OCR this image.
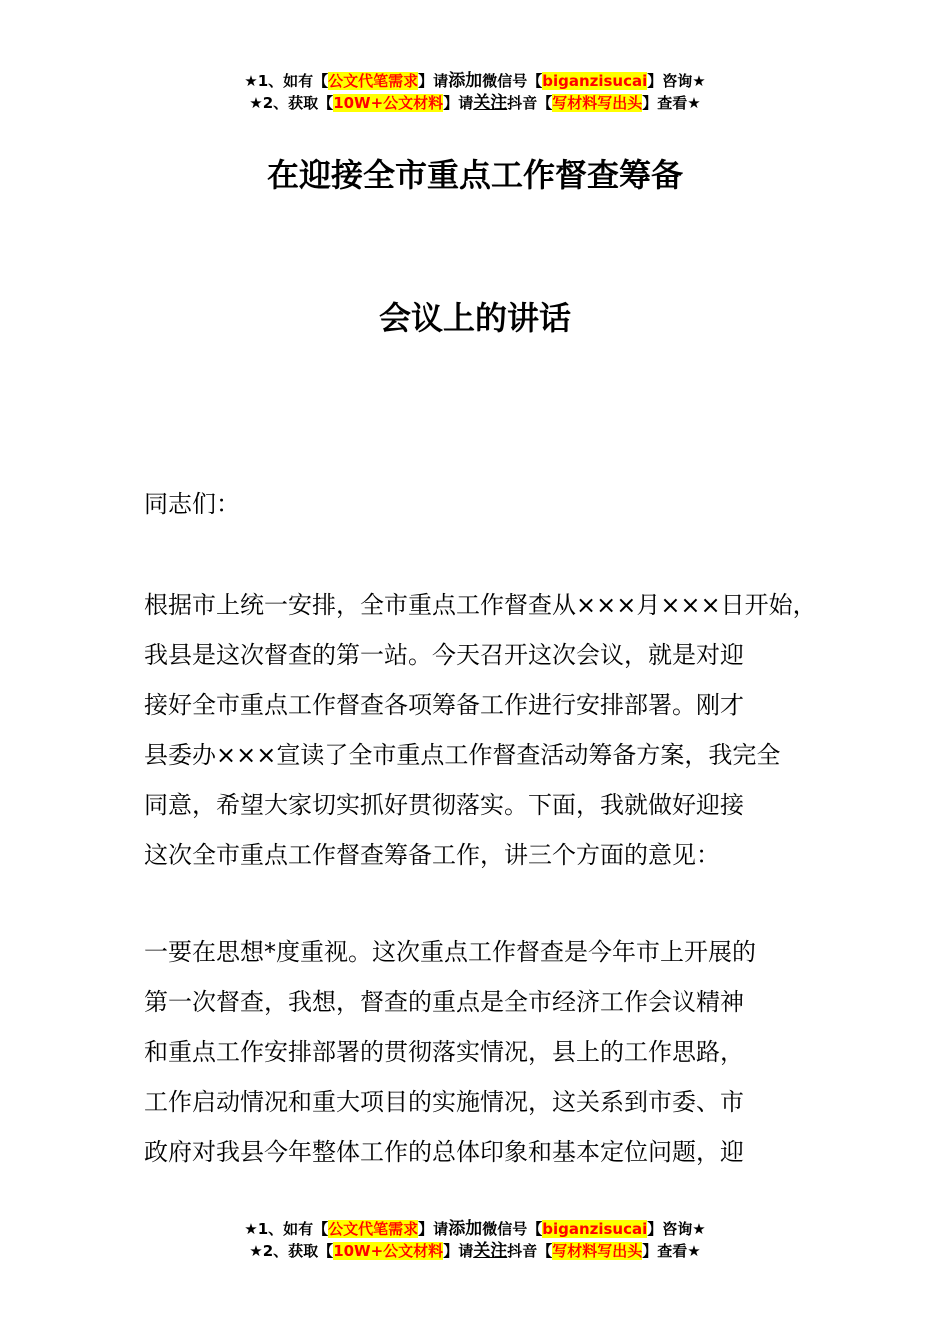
★1、如有【公文代笔需求】请添加微信号【biganzisucai】咨询★
★2、获取【10W+公文材料】请关注抖音【写材料写出头】查看★
在迎接全市重点工作督查筹备
会议上的讲话
同志们：
根据市上统一安排，全市重点工作督查从×××月×××日开始，
我县是这次督查的第一站。今天召开这次会议，就是对迎
接好全市重点工作督查各项筹备工作进行安排部署。刚才
县委办×××宣读了全市重点工作督查活动筹备方案，我完全
同意，希望大家切实抓好贯彻落实。下面，我就做好迎接
这次全市重点工作督查筹备工作，讲三个方面的意见：
一要在思想*度重视。这次重点工作督查是今年市上开展的
第一次督查，我想，督查的重点是全市经济工作会议精神
和重点工作安排部署的贯彻落实情况，县上的工作思路，
工作启动情况和重大项目的实施情况，这关系到市委、市
政府对我县今年整体工作的总体印象和基本定位问题，迎
★1、如有【公文代笔需求】请添加微信号【biganzisucai】咨询★
★2、获取【10W+公文材料】请关注抖音【写材料写出头】查看★
